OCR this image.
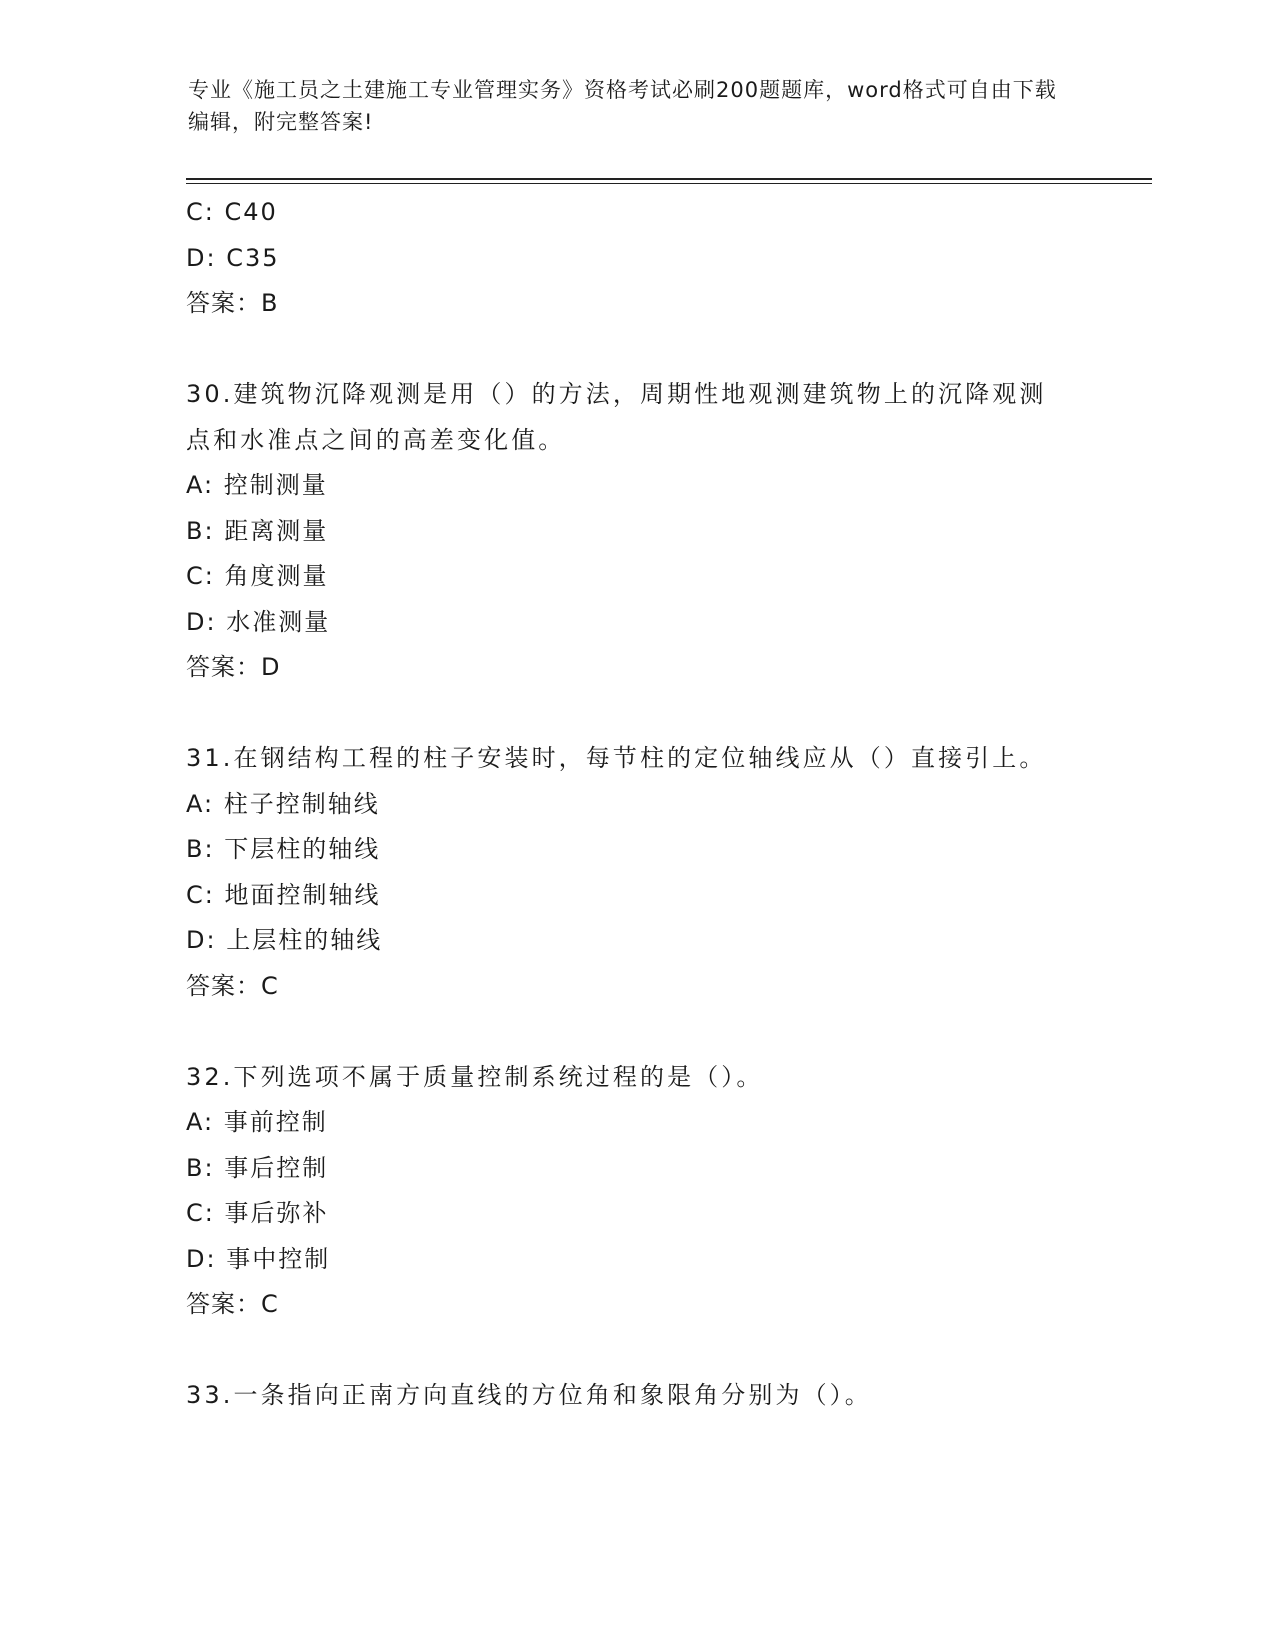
专业《施工员之土建施工专业管理实务》资格考试必刷200题题库，word格式可自由下载编辑，附完整答案!
C: C40
D: C35
答案：B
30.建筑物沉降观测是用（）的方法，周期性地观测建筑物上的沉降观测点和水准点之间的高差变化值。
A: 控制测量
B: 距离测量
C: 角度测量
D: 水准测量
答案：D
31.在钢结构工程的柱子安装时，每节柱的定位轴线应从（）直接引上。
A: 柱子控制轴线
B: 下层柱的轴线
C: 地面控制轴线
D: 上层柱的轴线
答案：C
32.下列选项不属于质量控制系统过程的是（）。
A: 事前控制
B: 事后控制
C: 事后弥补
D: 事中控制
答案：C
33.一条指向正南方向直线的方位角和象限角分别为（）。
